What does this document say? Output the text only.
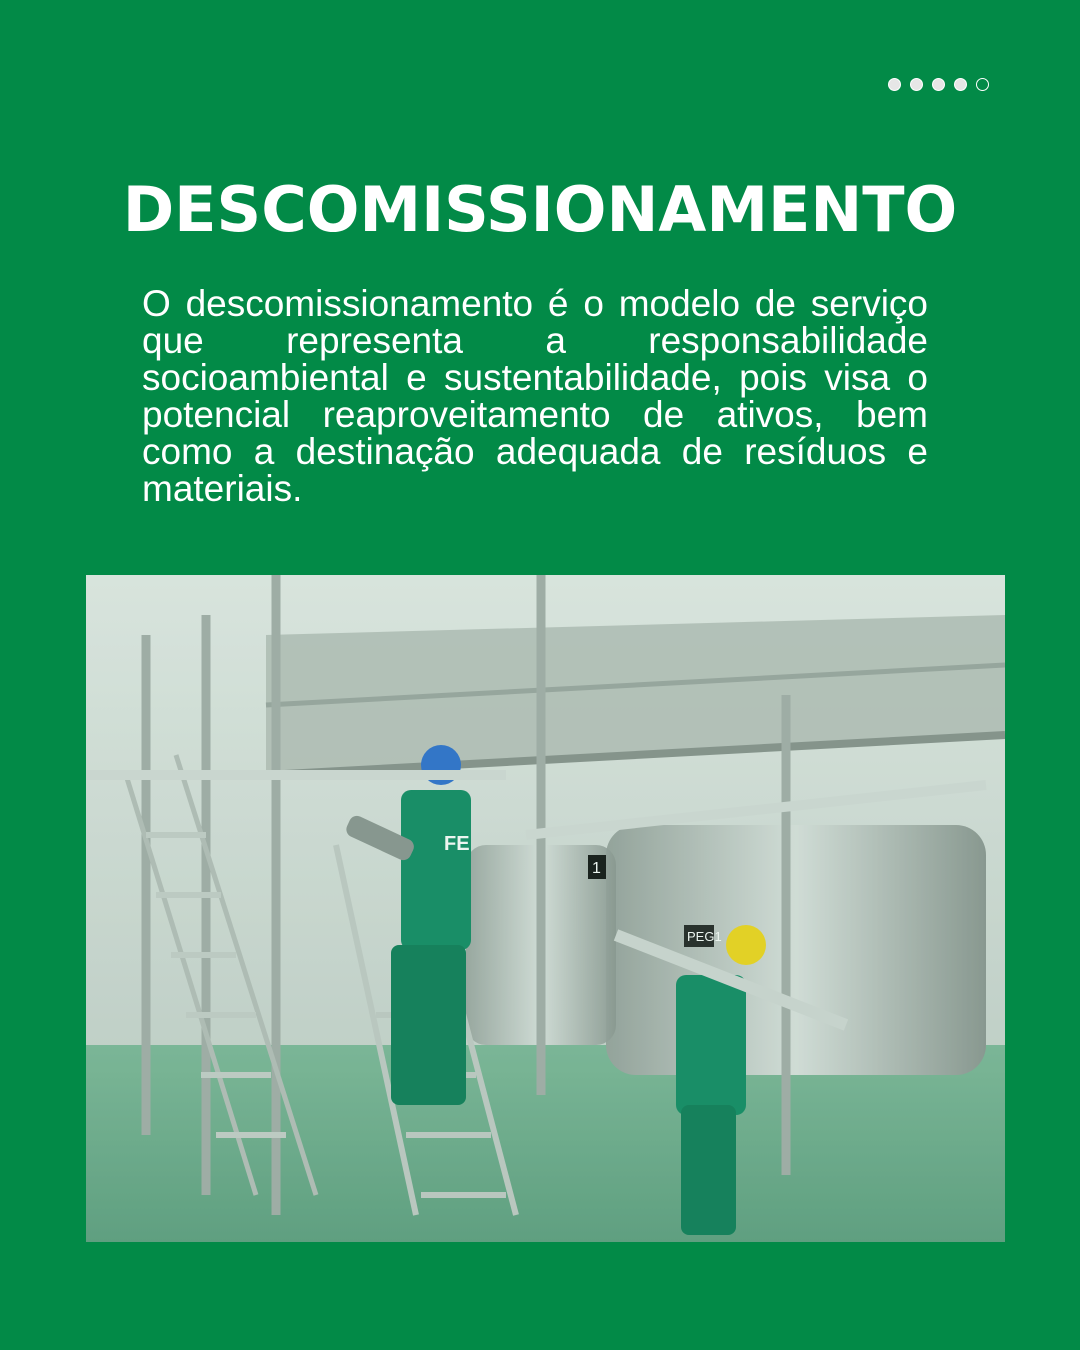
DESCOMISSIONAMENTO
O descomissionamento é o modelo de serviço que representa a responsabilidade socioambiental e sustentabilidade, pois visa o potencial reaproveitamento de ativos, bem como a destinação adequada de resíduos e materiais.
FE
PEG1
1
